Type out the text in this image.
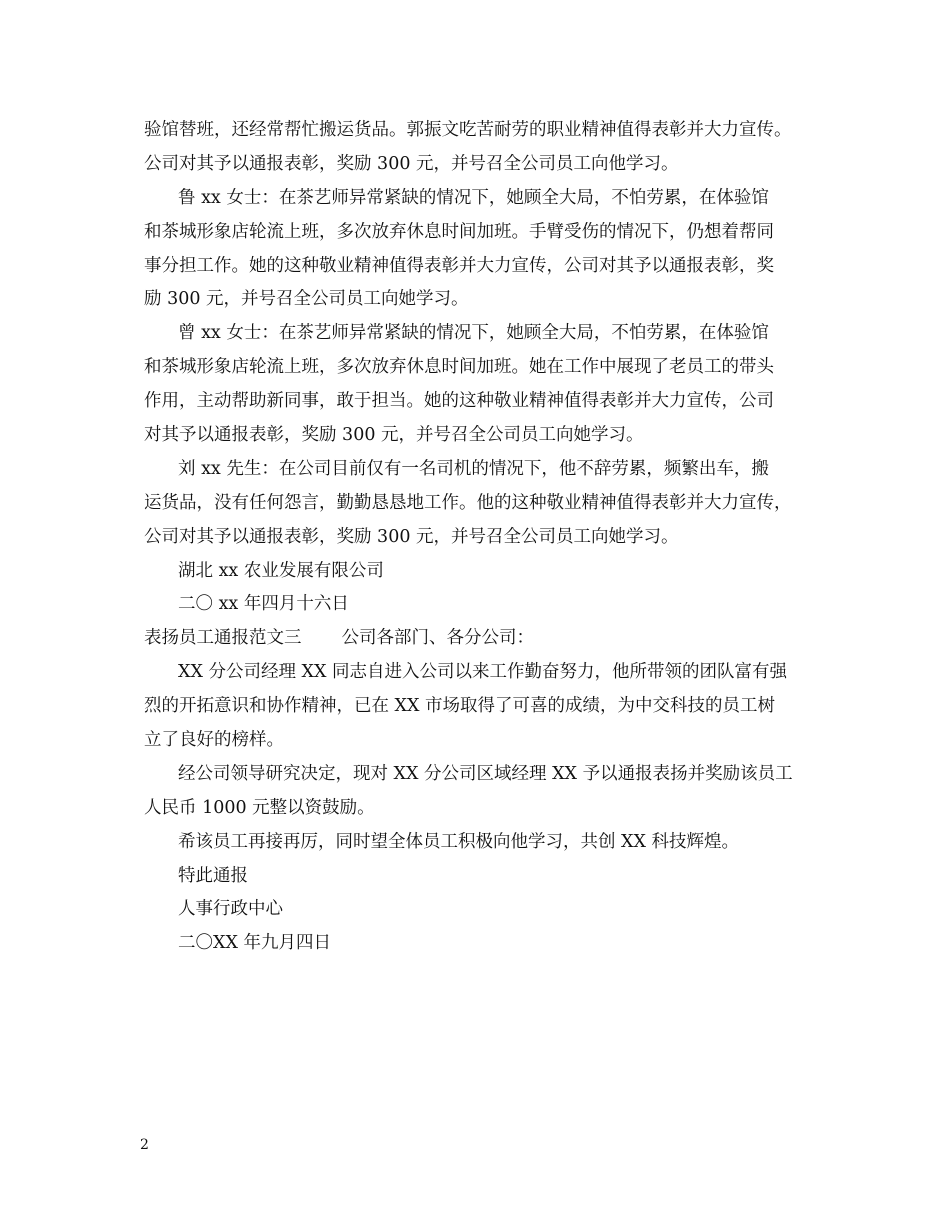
验馆替班，还经常帮忙搬运货品。郭振文吃苦耐劳的职业精神值得表彰并大力宣传。
公司对其予以通报表彰，奖励 300 元，并号召全公司员工向他学习。
鲁 xx 女士：在茶艺师异常紧缺的情况下，她顾全大局，不怕劳累，在体验馆
和茶城形象店轮流上班，多次放弃休息时间加班。手臂受伤的情况下，仍想着帮同
事分担工作。她的这种敬业精神值得表彰并大力宣传，公司对其予以通报表彰，奖
励 300 元，并号召全公司员工向她学习。
曾 xx 女士：在茶艺师异常紧缺的情况下，她顾全大局，不怕劳累，在体验馆
和茶城形象店轮流上班，多次放弃休息时间加班。她在工作中展现了老员工的带头
作用，主动帮助新同事，敢于担当。她的这种敬业精神值得表彰并大力宣传，公司
对其予以通报表彰，奖励 300 元，并号召全公司员工向她学习。
刘 xx 先生：在公司目前仅有一名司机的情况下，他不辞劳累，频繁出车，搬
运货品，没有任何怨言，勤勤恳恳地工作。他的这种敬业精神值得表彰并大力宣传，
公司对其予以通报表彰，奖励 300 元，并号召全公司员工向她学习。
湖北 xx 农业发展有限公司
二〇 xx 年四月十六日
表扬员工通报范文三 公司各部门、各分公司：
XX 分公司经理 XX 同志自进入公司以来工作勤奋努力，他所带领的团队富有强
烈的开拓意识和协作精神，已在 XX 市场取得了可喜的成绩，为中交科技的员工树
立了良好的榜样。
经公司领导研究决定，现对 XX 分公司区域经理 XX 予以通报表扬并奖励该员工
人民币 1000 元整以资鼓励。
希该员工再接再厉，同时望全体员工积极向他学习，共创 XX 科技辉煌。
特此通报
人事行政中心
二〇XX 年九月四日
2
